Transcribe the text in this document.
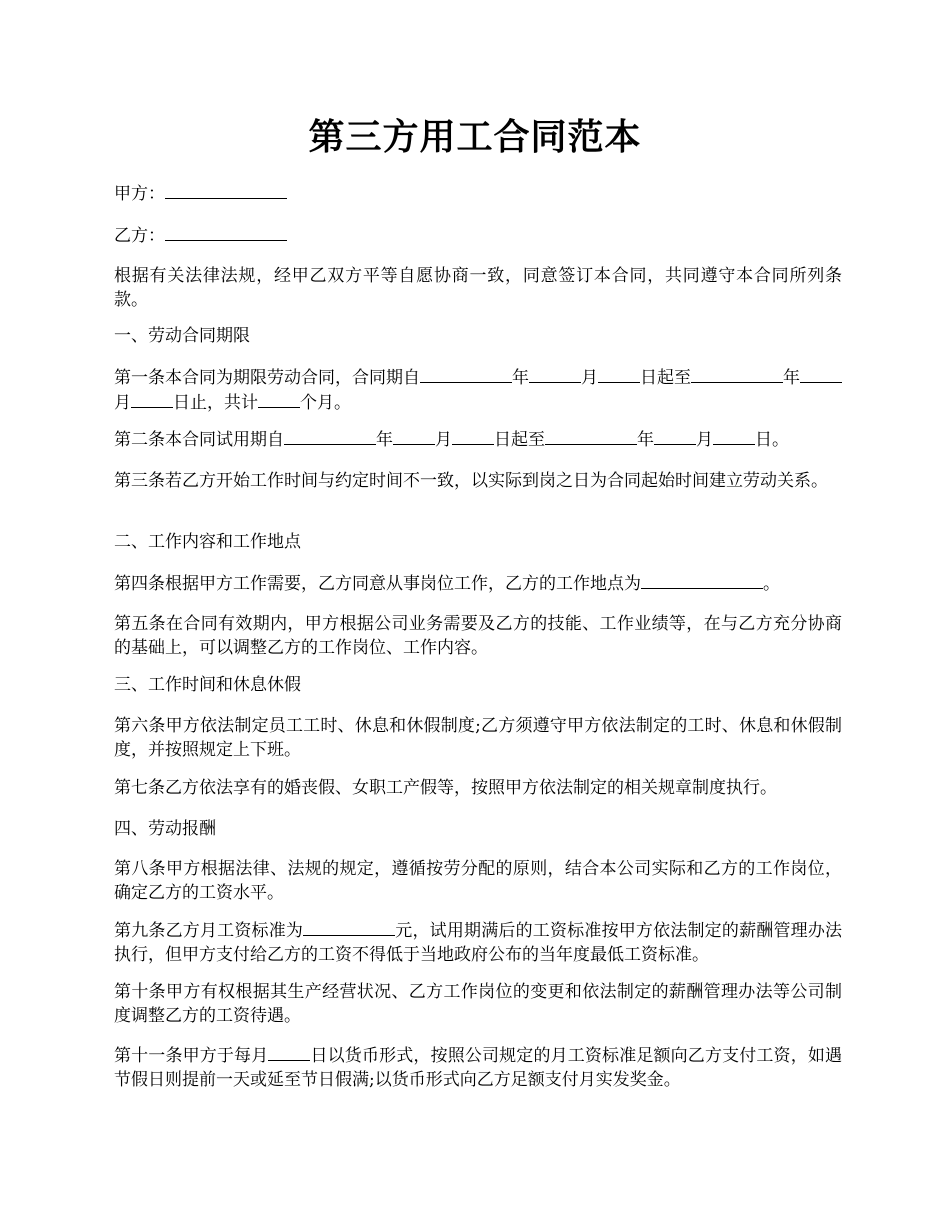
第三方用工合同范本
甲方：
乙方：
根据有关法律法规，经甲乙双方平等自愿协商一致，同意签订本合同，共同遵守本合同所列条款。
一、劳动合同期限
第一条本合同为期限劳动合同，合同期自	年	月 日起至	年月 日止，共计 个月。
第二条本合同试用期自	年 月 日起至	年 月 日。
第三条若乙方开始工作时间与约定时间不一致，以实际到岗之日为合同起始时间建立劳动关系。
二、工作内容和工作地点
第四条根据甲方工作需要，乙方同意从事岗位工作，乙方的工作地点为	。
第五条在合同有效期内，甲方根据公司业务需要及乙方的技能、工作业绩等，在与乙方充分协商的基础上，可以调整乙方的工作岗位、工作内容。
三、工作时间和休息休假
第六条甲方依法制定员工工时、休息和休假制度;乙方须遵守甲方依法制定的工时、休息和休假制度，并按照规定上下班。
第七条乙方依法享有的婚丧假、女职工产假等，按照甲方依法制定的相关规章制度执行。
四、劳动报酬
第八条甲方根据法律、法规的规定，遵循按劳分配的原则，结合本公司实际和乙方的工作岗位，确定乙方的工资水平。
第九条乙方月工资标准为	元，试用期满后的工资标准按甲方依法制定的薪酬管理办法执行，但甲方支付给乙方的工资不得低于当地政府公布的当年度最低工资标准。
第十条甲方有权根据其生产经营状况、乙方工作岗位的变更和依法制定的薪酬管理办法等公司制度调整乙方的工资待遇。
第十一条甲方于每月 日以货币形式，按照公司规定的月工资标准足额向乙方支付工资，如遇节假日则提前一天或延至节日假满;以货币形式向乙方足额支付月实发奖金。
